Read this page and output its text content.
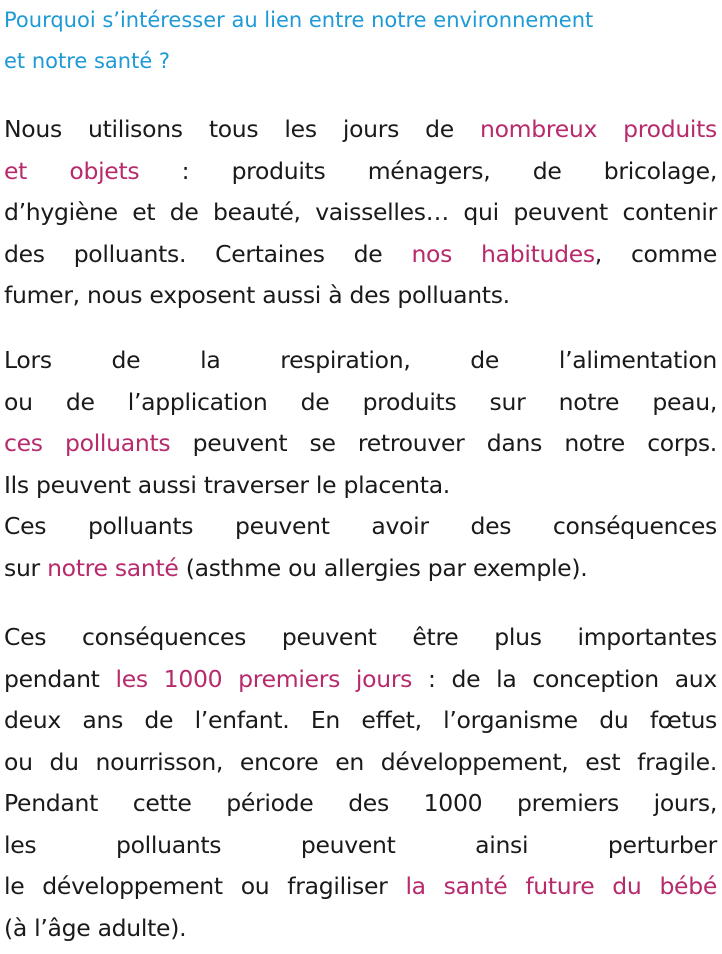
Pourquoi s’intéresser au lien entre notre environnement
et notre santé ?
Nous utilisons tous les jours de nombreux produits
et objets : produits ménagers, de bricolage,
d’hygiène et de beauté, vaisselles… qui peuvent contenir
des polluants. Certaines de nos habitudes, comme
fumer, nous exposent aussi à des polluants.
Lors de la respiration, de l’alimentation
ou de l’application de produits sur notre peau,
ces polluants peuvent se retrouver dans notre corps.
Ils peuvent aussi traverser le placenta.
Ces polluants peuvent avoir des conséquences
sur notre santé (asthme ou allergies par exemple).
Ces conséquences peuvent être plus importantes
pendant les 1000 premiers jours : de la conception aux
deux ans de l’enfant. En effet, l’organisme du fœtus
ou du nourrisson, encore en développement, est fragile.
Pendant cette période des 1000 premiers jours,
les polluants peuvent ainsi perturber
le développement ou fragiliser la santé future du bébé
(à l’âge adulte).
